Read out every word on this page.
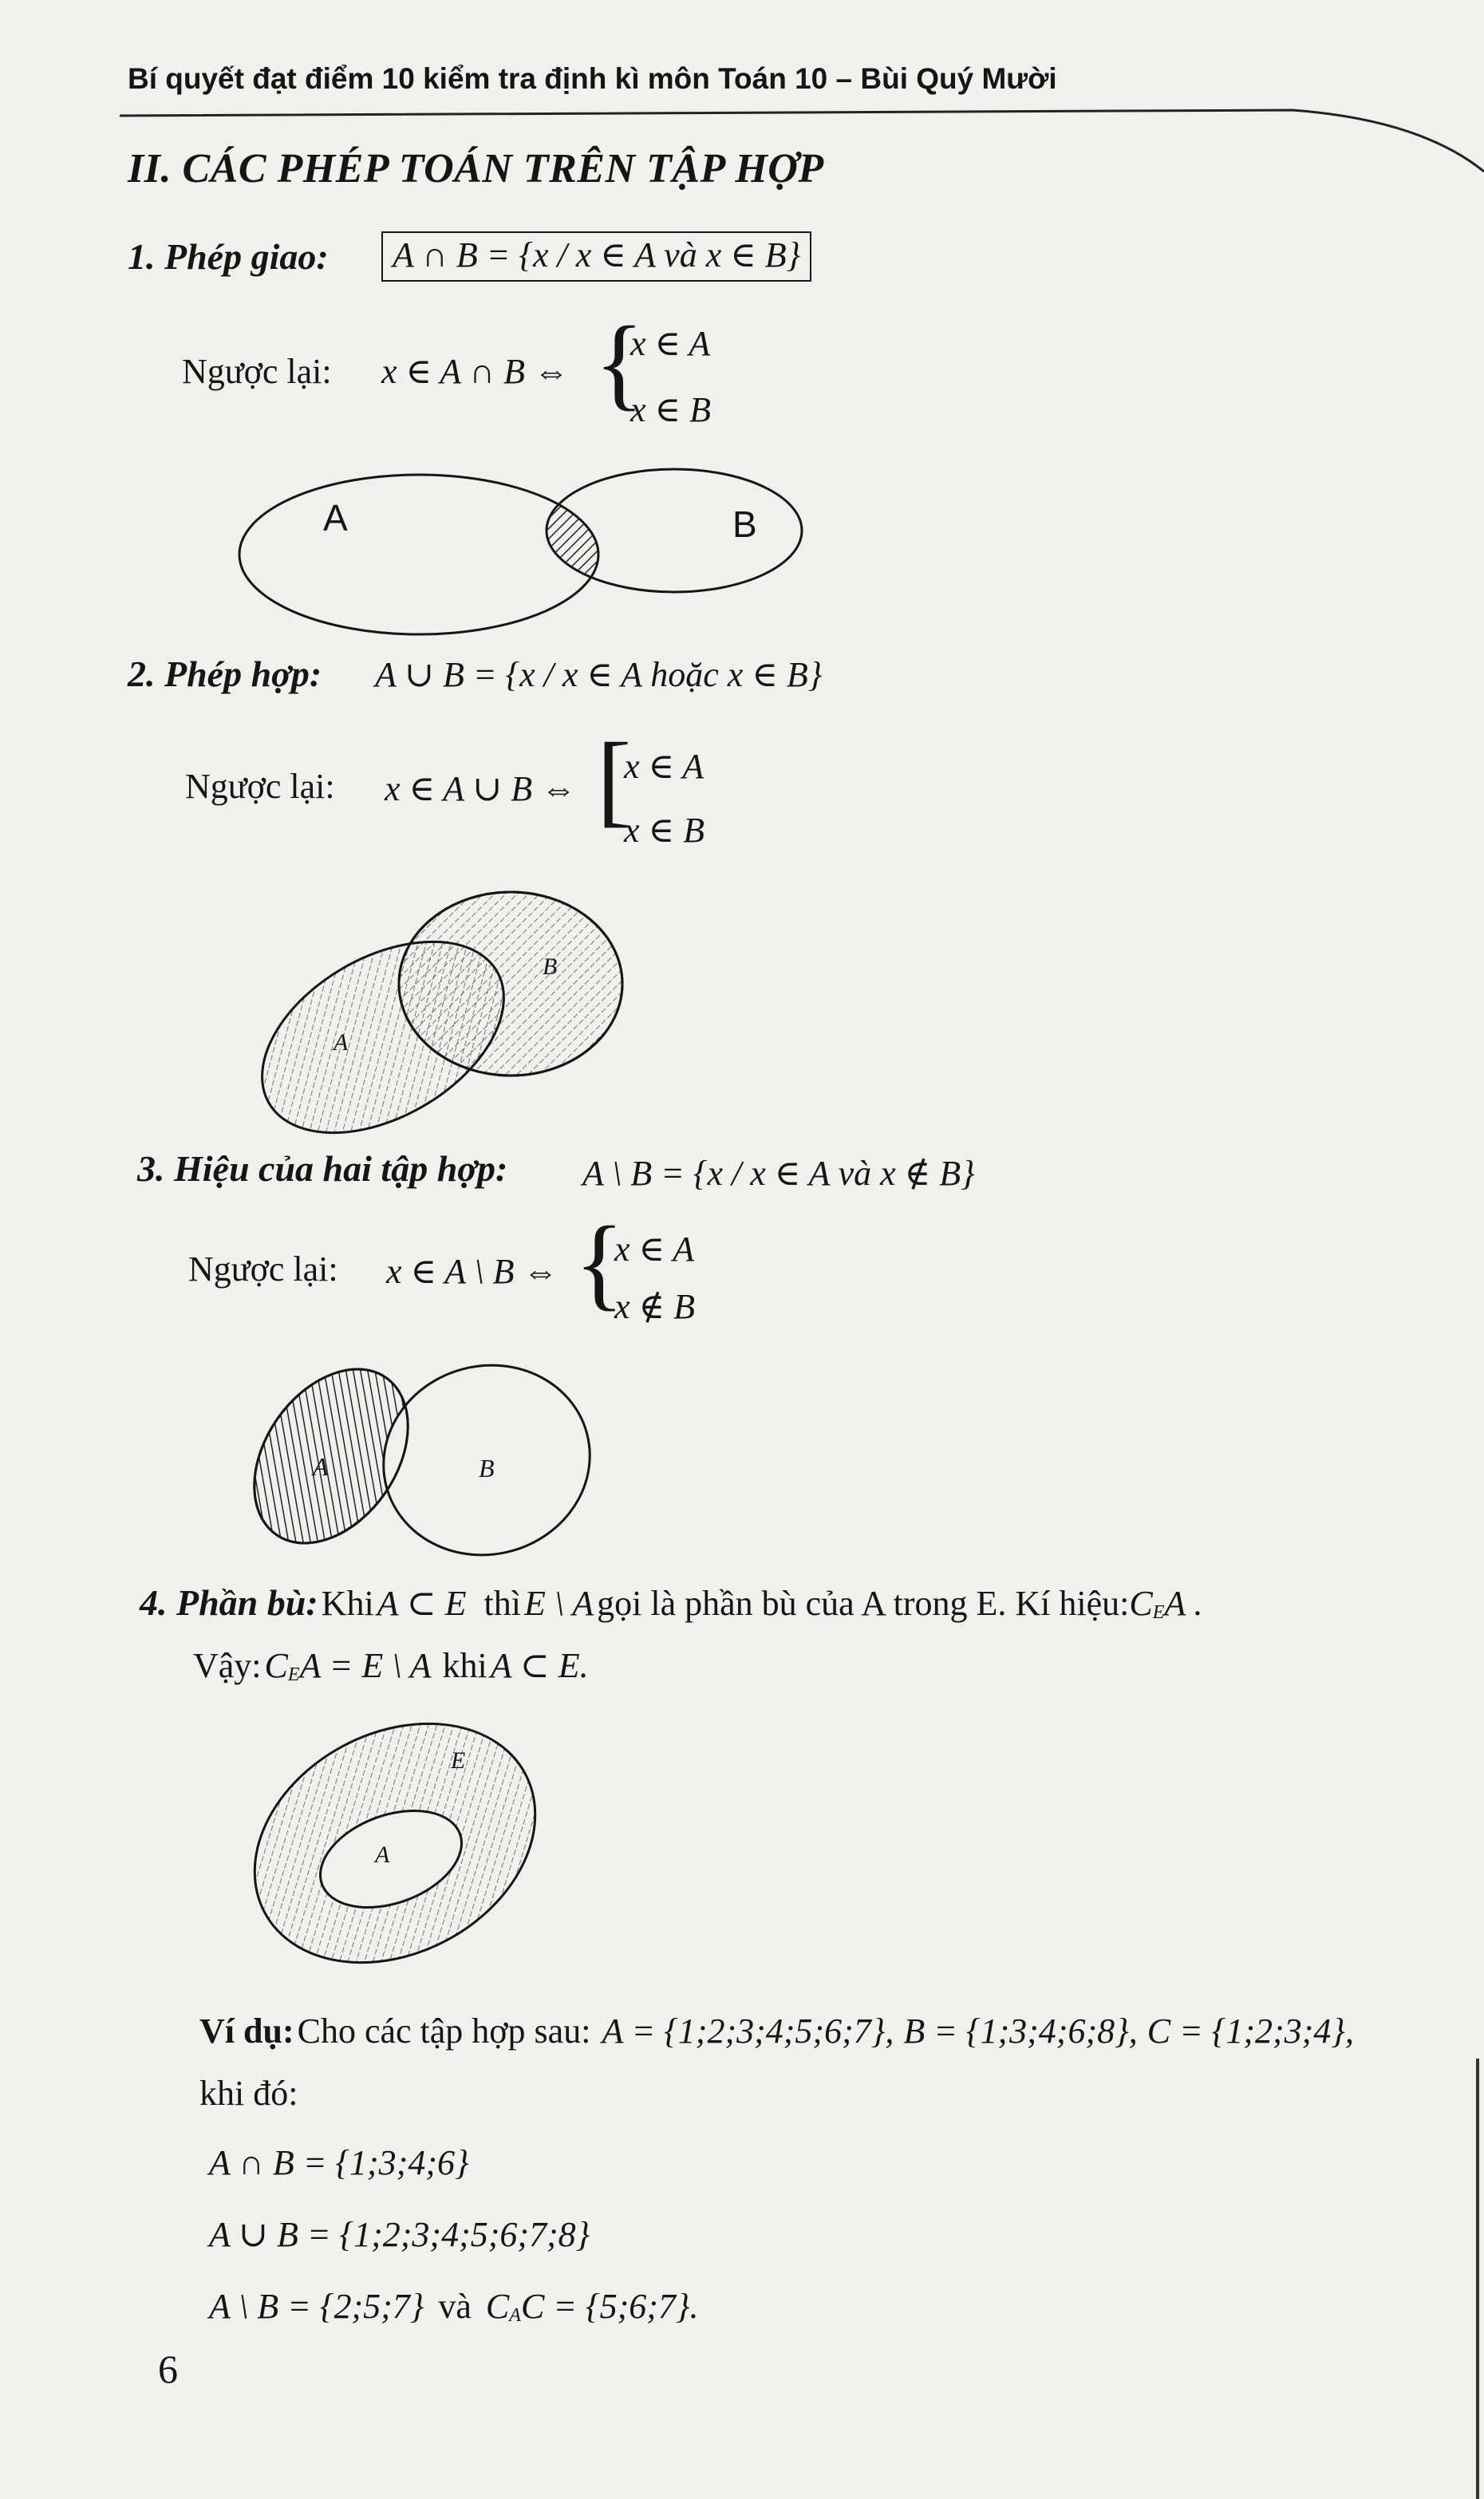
Bí quyết đạt điểm 10 kiểm tra định kì môn Toán 10 – Bùi Quý Mười
II. CÁC PHÉP TOÁN TRÊN TẬP HỢP
1. Phép giao:	A ∩ B = {x / x ∈ A và x ∈ B}
Ngược lại: x ∈ A ∩ B ⇔ {
x ∈ A
x ∈ B
A	B
2. Phép hợp: A ∪ B = {x / x ∈ A hoặc x ∈ B}
Ngược lại: x ∈ A ∪ B ⇔ [
x ∈ A
x ∈ B
B
A
3. Hiệu của hai tập hợp: A \ B = {x / x ∈ A và x ∉ B}
Ngược lại: x ∈ A \ B ⇔ {
x ∈ A
x ∉ B
A	B
4. Phần bù: Khi A ⊂ E thì E \ A gọi là phần bù của A trong E. Kí $hiệu:C_EA$ .
Vậy: $C_EA = E$ \ A khi A ⊂ E.
E
A
Ví dụ: Cho các tập hợp sau: A = {1;2;3;4;5;6;7}, B = {1;3;4;6;8}, C = {1;2;3;4},
khi đó:
A ∩ B = {1;3;4;6}
A ∪ B = {1;2;3;4;5;6;7;8}
A \ B = {2;5;7} và $C_AC$ = {5;6;7}.
6
